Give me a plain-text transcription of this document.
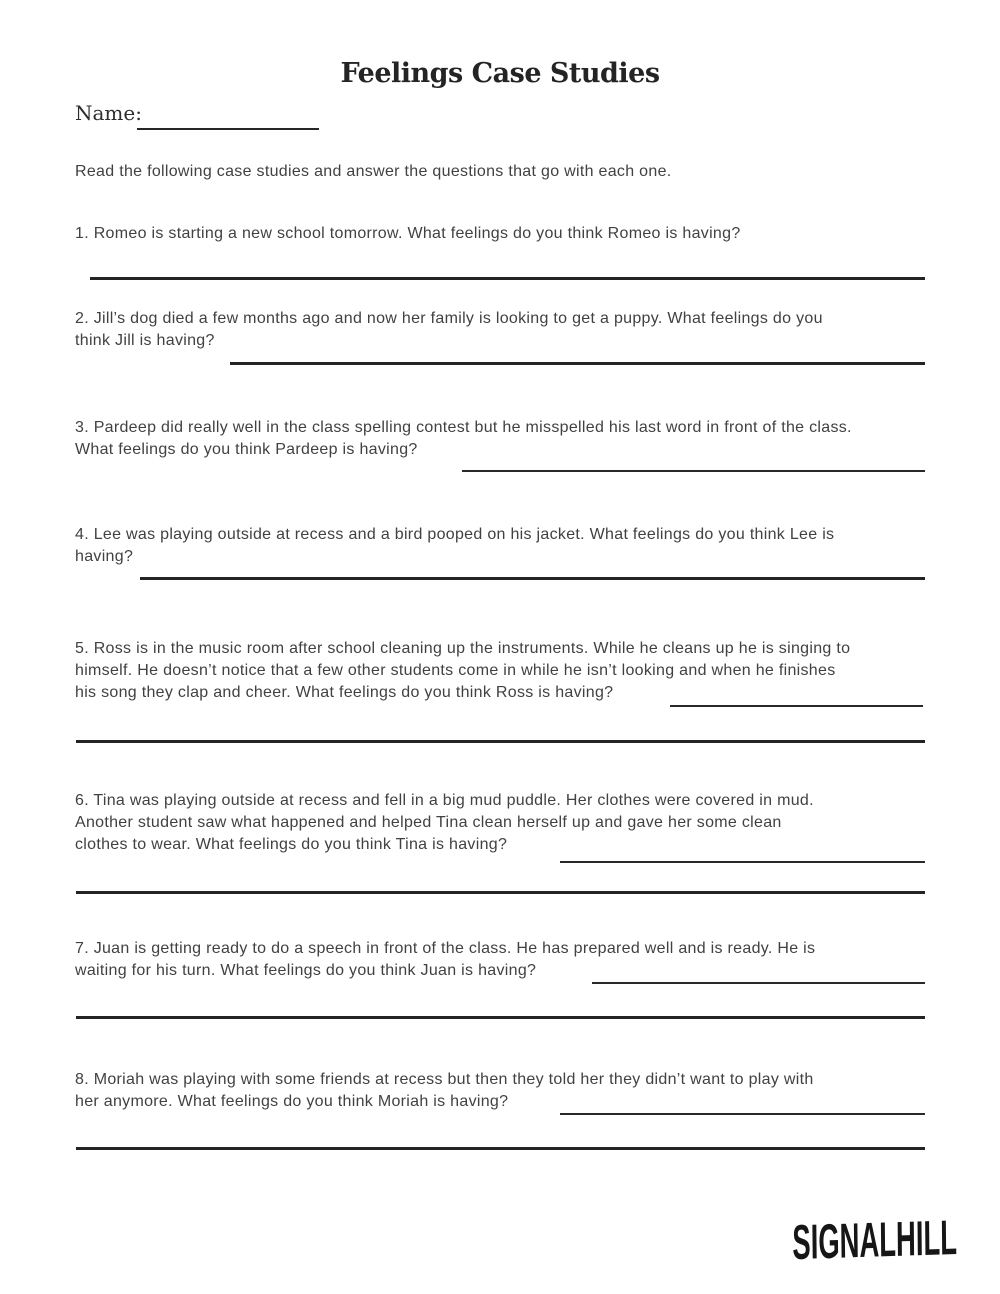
Feelings Case Studies
Name:

Read the following case studies and answer the questions that go with each one.

1. Romeo is starting a new school tomorrow. What feelings do you think Romeo is having?
2. Jill’s dog died a few months ago and now her family is looking to get a puppy. What feelings do you
think Jill is having?
3. Pardeep did really well in the class spelling contest but he misspelled his last word in front of the class.
What feelings do you think Pardeep is having?
4. Lee was playing outside at recess and a bird pooped on his jacket. What feelings do you think Lee is
having?
5. Ross is in the music room after school cleaning up the instruments. While he cleans up he is singing to
himself. He doesn’t notice that a few other students come in while he isn’t looking and when he finishes
his song they clap and cheer. What feelings do you think Ross is having?
6. Tina was playing outside at recess and fell in a big mud puddle. Her clothes were covered in mud.
Another student saw what happened and helped Tina clean herself up and gave her some clean
clothes to wear. What feelings do you think Tina is having?
7. Juan is getting ready to do a speech in front of the class. He has prepared well and is ready. He is
waiting for his turn. What feelings do you think Juan is having?
8. Moriah was playing with some friends at recess but then they told her they didn’t want to play with
her anymore. What feelings do you think Moriah is having?
SIGNALHILL
